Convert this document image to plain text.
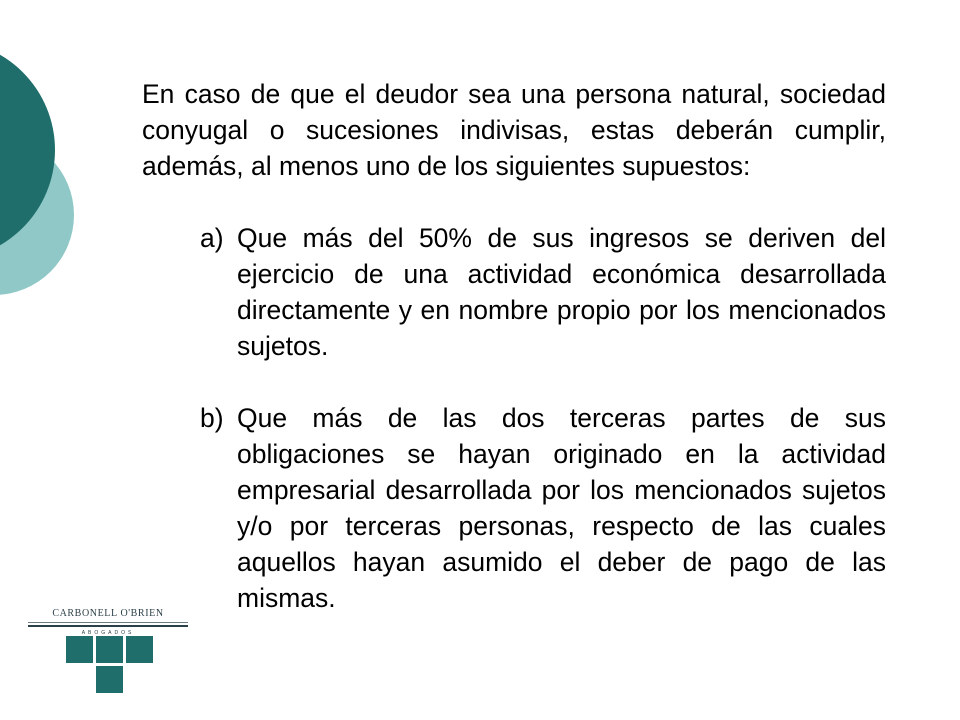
En caso de que el deudor sea una persona natural, sociedad conyugal o sucesiones indivisas, estas deberán cumplir, además, al menos uno de los siguientes supuestos:

a) Que más del 50% de sus ingresos se deriven del ejercicio de una actividad económica desarrollada directamente y en nombre propio por los mencionados sujetos.

b) Que más de las dos terceras partes de sus obligaciones se hayan originado en la actividad empresarial desarrollada por los mencionados sujetos y/o por terceras personas, respecto de las cuales aquellos hayan asumido el deber de pago de las mismas.

CARBONELL O'BRIEN
ABOGADOS
